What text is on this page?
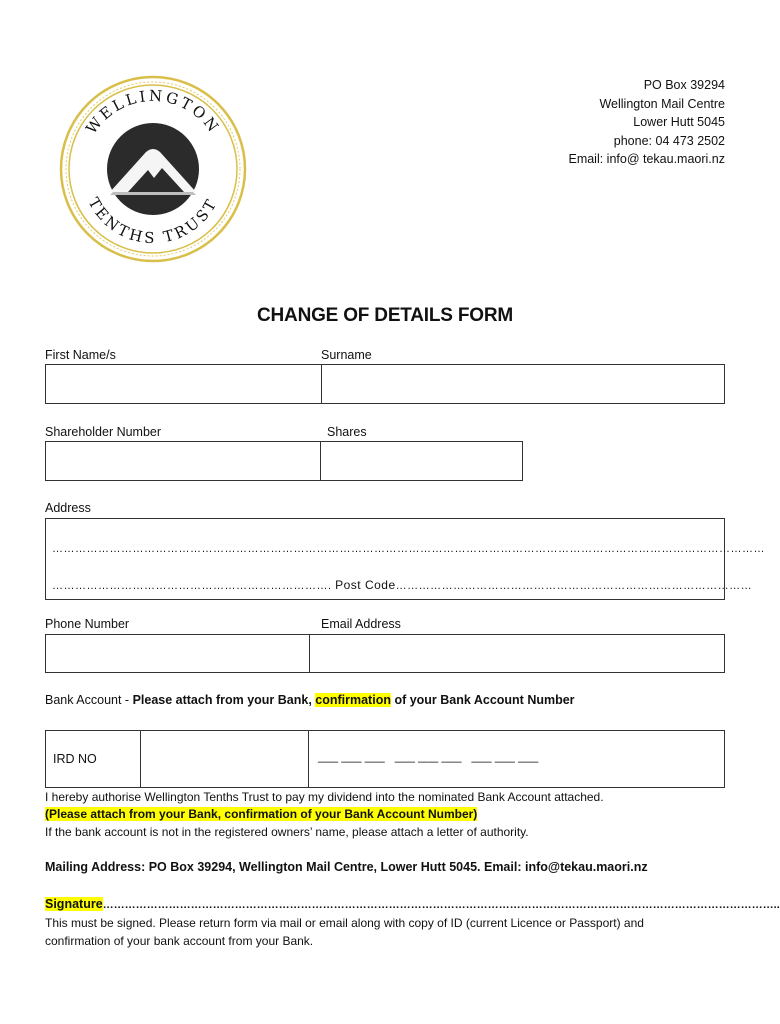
WELLINGTON
TENTHS TRUST
PO Box 39294
Wellington Mail Centre
Lower Hutt 5045
phone: 04 473 2502
Email: info@ tekau.maori.nz
CHANGE OF DETAILS FORM
First Name/s	Surname
Shareholder Number	Shares
Address
……………………………………………………………………………………………………………………………………………………………………
………………………………………………………………. Post Code…………………………………………………………………………………
Phone Number	Email Address
Bank Account - Please attach from your Bank, confirmation of your Bank Account Number
IRD NO	___ ___ ___   ___ ___ ___   ___ ___ ___
I hereby authorise Wellington Tenths Trust to pay my dividend into the nominated Bank Account attached.
(Please attach from your Bank, confirmation of your Bank Account Number)
If the bank account is not in the registered owners’ name, please attach a letter of authority.
Mailing Address: PO Box 39294, Wellington Mail Centre, Lower Hutt 5045. Email: info@tekau.maori.nz
Signature…………………………………………………………………………………………………………………………………………………………………..
This must be signed. Please return form via mail or email along with copy of ID (current Licence or Passport) and
confirmation of your bank account from your Bank.
